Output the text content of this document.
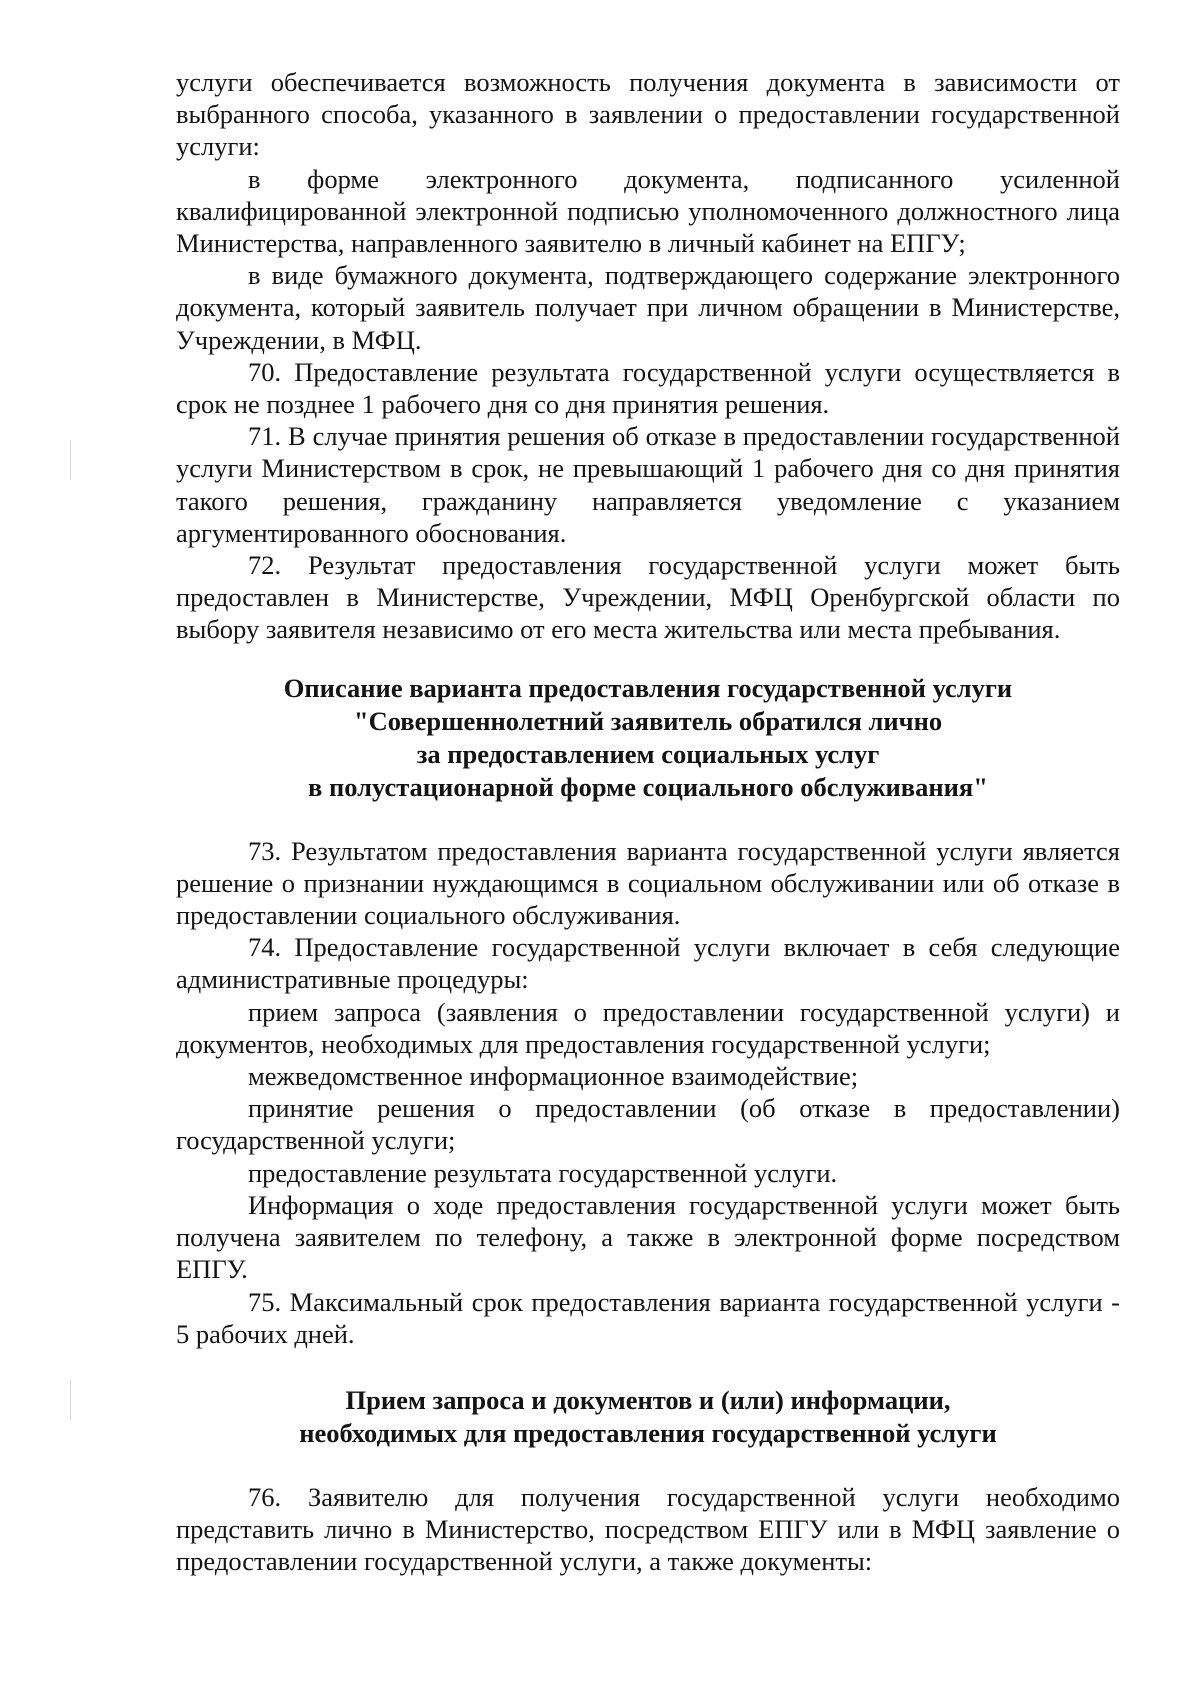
услуги обеспечивается возможность получения документа в зависимости от выбранного способа, указанного в заявлении о предоставлении государственной услуги:

в форме электронного документа, подписанного усиленной квалифицированной электронной подписью уполномоченного должностного лица Министерства, направленного заявителю в личный кабинет на ЕПГУ;

в виде бумажного документа, подтверждающего содержание электронного документа, который заявитель получает при личном обращении в Министерстве, Учреждении, в МФЦ.

70. Предоставление результата государственной услуги осуществляется в срок не позднее 1 рабочего дня со дня принятия решения.

71. В случае принятия решения об отказе в предоставлении государственной услуги Министерством в срок, не превышающий 1 рабочего дня со дня принятия такого решения, гражданину направляется уведомление с указанием аргументированного обоснования.

72. Результат предоставления государственной услуги может быть предоставлен в Министерстве, Учреждении, МФЦ Оренбургской области по выбору заявителя независимо от его места жительства или места пребывания.

Описание варианта предоставления государственной услуги
"Совершеннолетний заявитель обратился лично
за предоставлением социальных услуг
в полустационарной форме социального обслуживания"

73. Результатом предоставления варианта государственной услуги является решение о признании нуждающимся в социальном обслуживании или об отказе в предоставлении социального обслуживания.

74. Предоставление государственной услуги включает в себя следующие административные процедуры:

прием запроса (заявления о предоставлении государственной услуги) и документов, необходимых для предоставления государственной услуги;

межведомственное информационное взаимодействие;

принятие решения о предоставлении (об отказе в предоставлении) государственной услуги;

предоставление результата государственной услуги.

Информация о ходе предоставления государственной услуги может быть получена заявителем по телефону, а также в электронной форме посредством ЕПГУ.

75. Максимальный срок предоставления варианта государственной услуги - 5 рабочих дней.

Прием запроса и документов и (или) информации,
необходимых для предоставления государственной услуги

76. Заявителю для получения государственной услуги необходимо представить лично в Министерство, посредством ЕПГУ или в МФЦ заявление о предоставлении государственной услуги, а также документы:
